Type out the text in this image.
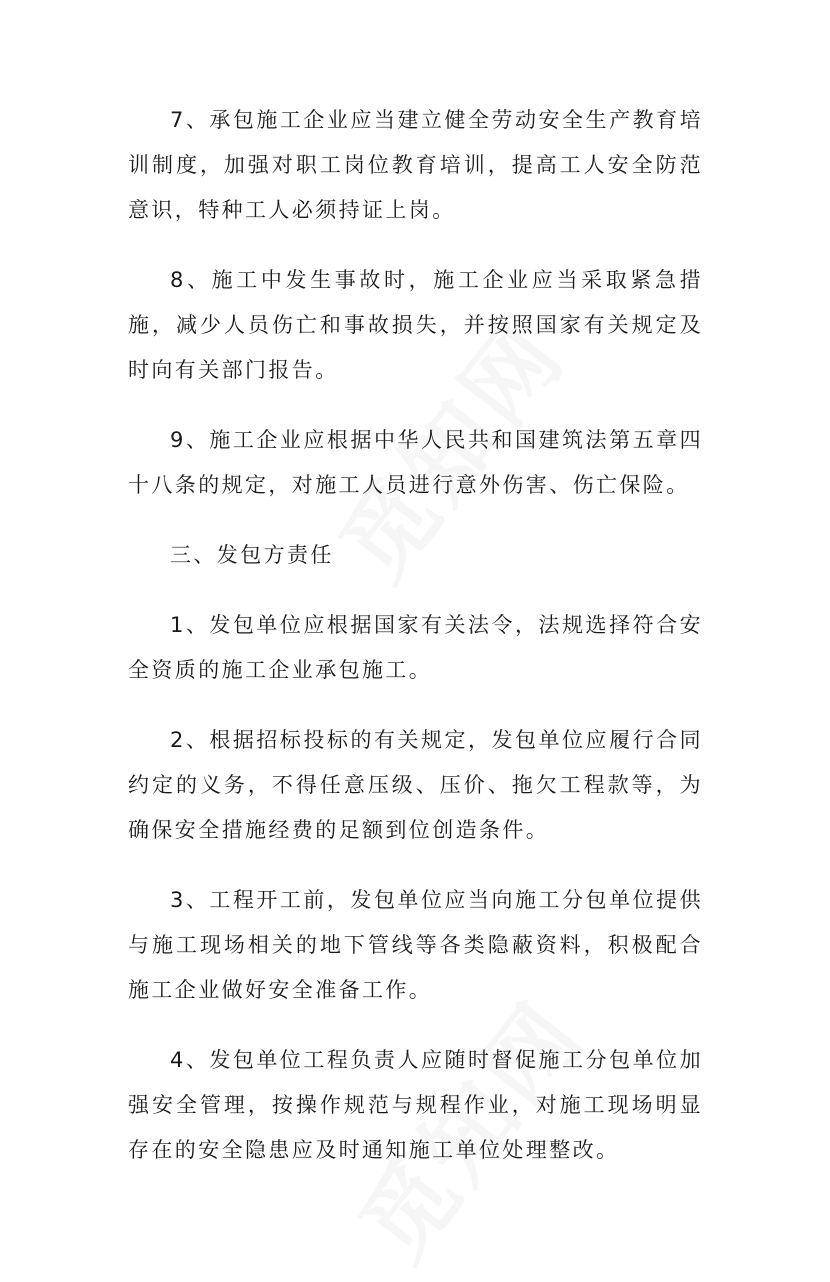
7、承包施工企业应当建立健全劳动安全生产教育培训制度，加强对职工岗位教育培训，提高工人安全防范意识，特种工人必须持证上岗。

8、施工中发生事故时，施工企业应当采取紧急措施，减少人员伤亡和事故损失，并按照国家有关规定及时向有关部门报告。

9、施工企业应根据中华人民共和国建筑法第五章四十八条的规定，对施工人员进行意外伤害、伤亡保险。

三、发包方责任

1、发包单位应根据国家有关法令，法规选择符合安全资质的施工企业承包施工。

2、根据招标投标的有关规定，发包单位应履行合同约定的义务，不得任意压级、压价、拖欠工程款等，为确保安全措施经费的足额到位创造条件。

3、工程开工前，发包单位应当向施工分包单位提供与施工现场相关的地下管线等各类隐蔽资料，积极配合施工企业做好安全准备工作。

4、发包单位工程负责人应随时督促施工分包单位加强安全管理，按操作规范与规程作业，对施工现场明显存在的安全隐患应及时通知施工单位处理整改。
